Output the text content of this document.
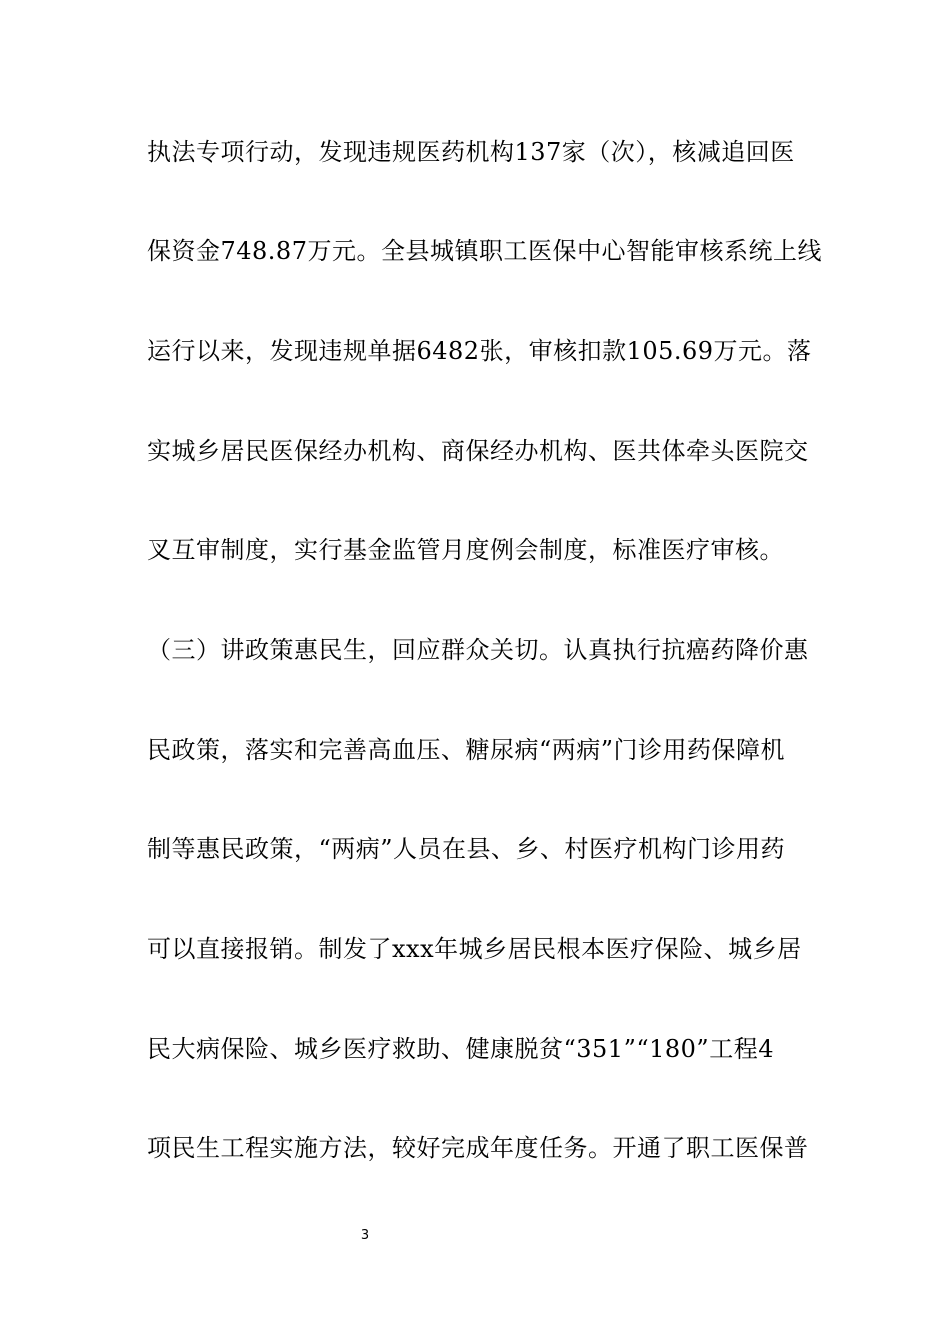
执法专项行动，发现违规医药机构137家（次），核减追回医
保资金748.87万元。全县城镇职工医保中心智能审核系统上线
运行以来，发现违规单据6482张，审核扣款105.69万元。落
实城乡居民医保经办机构、商保经办机构、医共体牵头医院交
叉互审制度，实行基金监管月度例会制度，标准医疗审核。
（三）讲政策惠民生，回应群众关切。认真执行抗癌药降价惠
民政策，落实和完善高血压、糖尿病“两病”门诊用药保障机
制等惠民政策，“两病”人员在县、乡、村医疗机构门诊用药
可以直接报销。制发了xxx年城乡居民根本医疗保险、城乡居
民大病保险、城乡医疗救助、健康脱贫“351”“180”工程4
项民生工程实施方法，较好完成年度任务。开通了职工医保普
3
